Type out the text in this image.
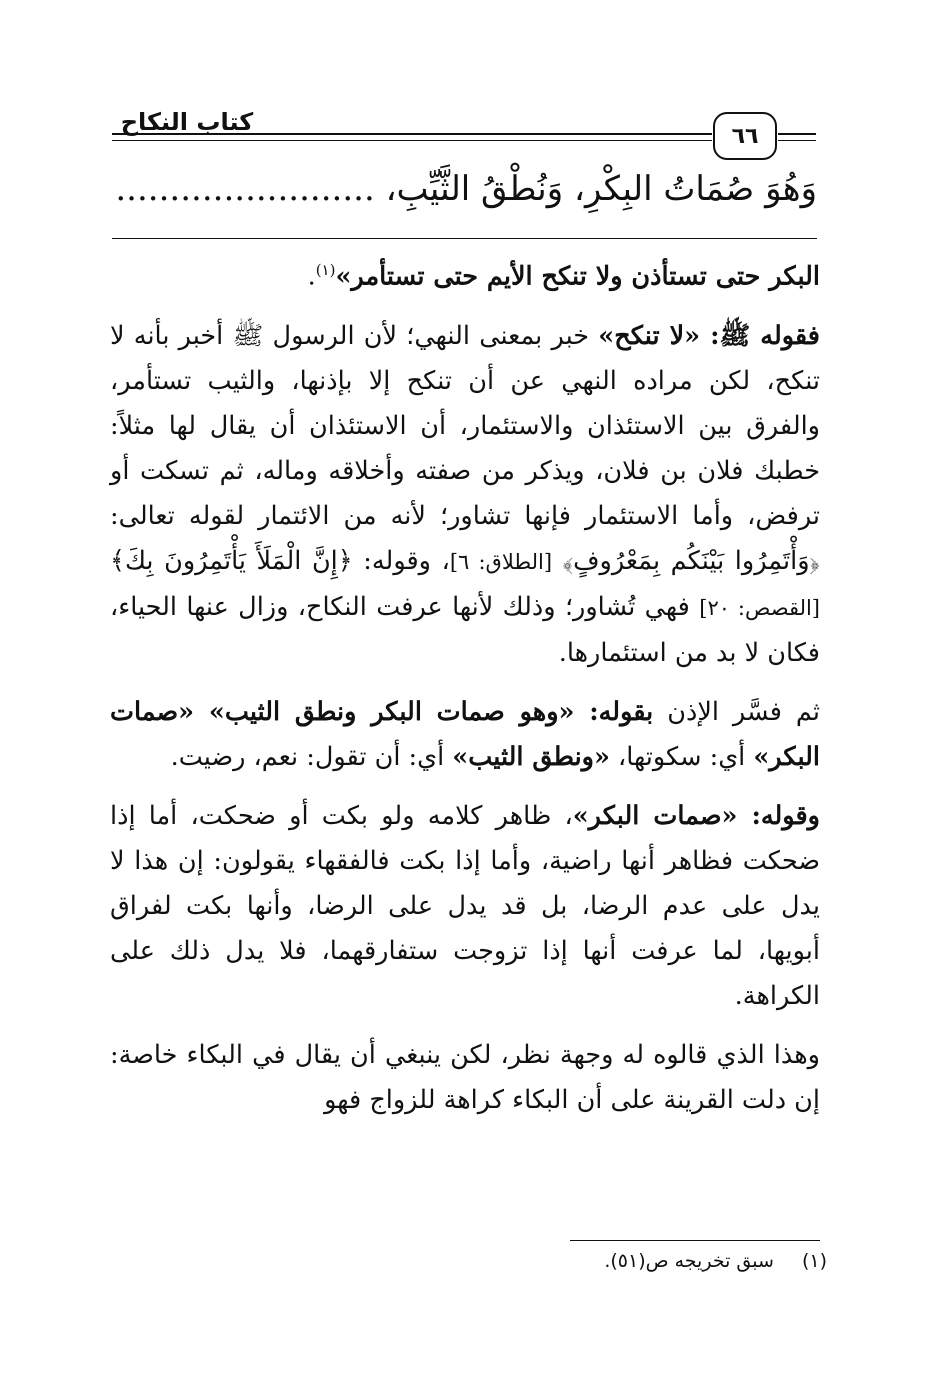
٦٦
كتاب النكاح
وَهُوَ صُمَاتُ البِكْرِ، وَنُطْقُ الثَّيِّبِ، ........................

البكر حتى تستأذن ولا تنكح الأيم حتى تستأمر»$^{(١)}$.

فقوله ﷺ: «لا تنكح» خبر بمعنى النهي؛ لأن الرسول ﷺ أخبر بأنه لا تنكح، لكن مراده النهي عن أن تنكح إلا بإذنها، والثيب تستأمر، والفرق بين الاستئذان والاستئمار، أن الاستئذان أن يقال لها مثلاً: خطبك فلان بن فلان، ويذكر من صفته وأخلاقه وماله، ثم تسكت أو ترفض، وأما الاستئمار فإنها تشاور؛ لأنه من الائتمار لقوله تعالى: ﴿وَأْتَمِرُوا بَيْنَكُم بِمَعْرُوفٍ﴾ [الطلاق: ٦]، وقوله: ﴿إِنَّ الْمَلَأَ يَأْتَمِرُونَ بِكَ﴾ [القصص: ٢٠] فهي تُشاور؛ وذلك لأنها عرفت النكاح، وزال عنها الحياء، فكان لا بد من استئمارها.

ثم فسَّر الإذن بقوله: «وهو صمات البكر ونطق الثيب» «صمات البكر» أي: سكوتها، «ونطق الثيب» أي: أن تقول: نعم، رضيت.

وقوله: «صمات البكر»، ظاهر كلامه ولو بكت أو ضحكت، أما إذا ضحكت فظاهر أنها راضية، وأما إذا بكت فالفقهاء يقولون: إن هذا لا يدل على عدم الرضا، بل قد يدل على الرضا، وأنها بكت لفراق أبويها، لما عرفت أنها إذا تزوجت ستفارقهما، فلا يدل ذلك على الكراهة.

وهذا الذي قالوه له وجهة نظر، لكن ينبغي أن يقال في البكاء خاصة: إن دلت القرينة على أن البكاء كراهة للزواج فهو

(١)سبق تخريجه ص(٥١).
